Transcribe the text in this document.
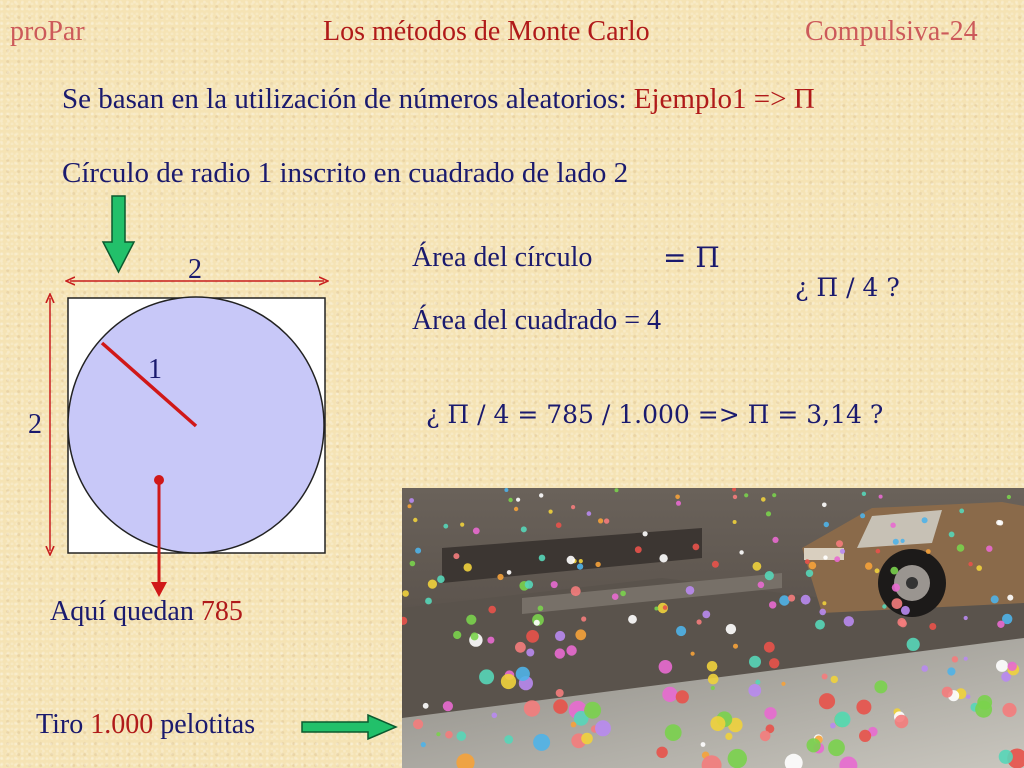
proPar	Los métodos de Monte Carlo	Compulsiva-24
Se basan en la utilización de números aleatorios: Ejemplo1 => Π
Círculo de radio 1 inscrito en cuadrado de lado 2
2
2
1
Área del círculo	= Π
Área del cuadrado = 4
¿ Π / 4 ?
¿ Π / 4 = 785 / 1.000 => Π = 3,14 ?
Aquí quedan 785
Tiro 1.000 pelotitas
